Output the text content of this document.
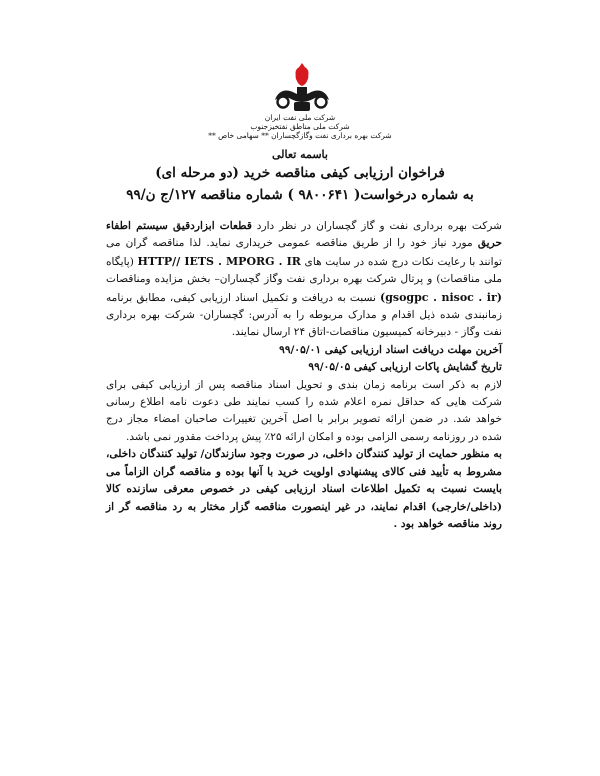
شرکت ملی نفت ایران
شرکت ملی مناطق نفتخیزجنوب
شرکت بهره برداری نفت وگازگچساران ** سهامی خاص **
باسمه تعالی
فراخوان ارزیابی کیفی مناقصه خرید (دو مرحله ای)
به شماره درخواست( ۹۸۰۰۶۴۱ ) شماره مناقصه ۱۲۷/ج ن/۹۹

شرکت بهره برداری نفت و گاز گچساران در نظر دارد قطعات ابزاردقیق سیستم اطفاء حریق مورد نیاز خود را از طریق مناقصه عمومی خریداری نماید. لذا مناقصه گران می توانند با رعایت نکات درج شده در سایت های HTTP// IETS . MPORG . IR (پایگاه ملی مناقصات) و پرتال شرکت بهره برداری نفت وگاز گچساران– بخش مزایده ومناقصات (gsogpc . nisoc . ir) نسبت به دریافت و تکمیل اسناد ارزیابی کیفی، مطابق برنامه زمانبندی شده ذیل اقدام و مدارک مربوطه را به آدرس: گچساران- شرکت بهره برداری نفت وگاز - دبیرخانه کمیسیون مناقصات-اتاق ۲۴ ارسال نمایند.

آخرین مهلت دریافت اسناد ارزیابی کیفی ۹۹/۰۵/۰۱

تاریخ گشایش پاکات ارزیابی کیفی ۹۹/۰۵/۰۵

لازم به ذکر است برنامه زمان بندی و تحویل اسناد مناقصه پس از ارزیابی کیفی برای شرکت هایی که حداقل نمره اعلام شده را کسب نمایند طی دعوت نامه اطلاع رسانی خواهد شد. در ضمن ارائه تصویر برابر با اصل آخرین تغییرات صاحبان امضاء مجاز درج شده در روزنامه رسمی الزامی بوده و امکان ارائه ۲۵٪ پیش پرداخت مقدور نمی باشد.

به منظور حمایت از تولید کنندگان داخلی، در صورت وجود سازندگان/ تولید کنندگان داخلی، مشروط به تأیید فنی کالای پیشنهادی اولویت خرید با آنها بوده و مناقصه گران الزاماً می بایست نسبت به تکمیل اطلاعات اسناد ارزیابی کیفی در خصوص معرفی سازنده کالا (داخلی/خارجی) اقدام نمایند، در غیر اینصورت مناقصه گزار مختار به رد مناقصه گر از روند مناقصه خواهد بود .
